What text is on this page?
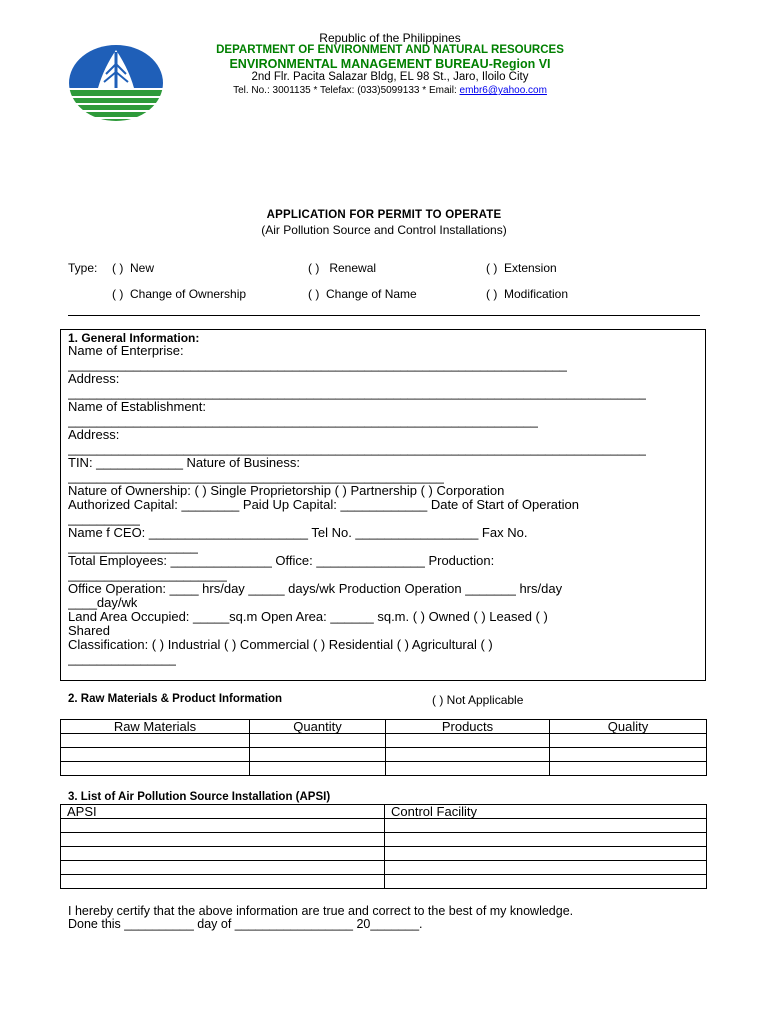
Republic of the Philippines
DEPARTMENT OF ENVIRONMENT AND NATURAL RESOURCES
ENVIRONMENTAL MANAGEMENT BUREAU-Region VI
2nd Flr. Pacita Salazar Bldg, EL 98 St., Jaro, Iloilo City
Tel. No.: 3001135 * Telefax: (033)5099133 * Email: embr6@yahoo.com
APPLICATION FOR PERMIT TO OPERATE
(Air Pollution Source and Control Installations)
Type: ( ) New	( ) Renewal	( ) Extension
( ) Change of Ownership	( ) Change of Name	( ) Modification
1. General Information:
Name of Enterprise:
_____________________________________________________________________
Address:
________________________________________________________________________________
Name of Establishment:
_________________________________________________________________
Address:
________________________________________________________________________________
TIN: ____________ Nature of Business:
____________________________________________________
Nature of Ownership: ( ) Single Proprietorship ( ) Partnership ( ) Corporation
Authorized Capital: ________ Paid Up Capital: ____________ Date of Start of Operation
__________
Name f CEO: ______________________ Tel No. _________________ Fax No.
__________________
Total Employees: ______________ Office: _______________ Production:
______________________
Office Operation: ____ hrs/day _____ days/wk Production Operation _______ hrs/day
____day/wk
Land Area Occupied: _____sq.m Open Area: ______ sq.m. ( ) Owned ( ) Leased ( )
Shared
Classification: ( ) Industrial ( ) Commercial ( ) Residential ( ) Agricultural ( )
_______________
2. Raw Materials & Product Information	( ) Not Applicable
Raw Materials	Quantity	Products	Quality

3. List of Air Pollution Source Installation (APSI)
APSI	Control Facility

I hereby certify that the above information are true and correct to the best of my knowledge.
Done this __________ day of _________________ 20_______.
